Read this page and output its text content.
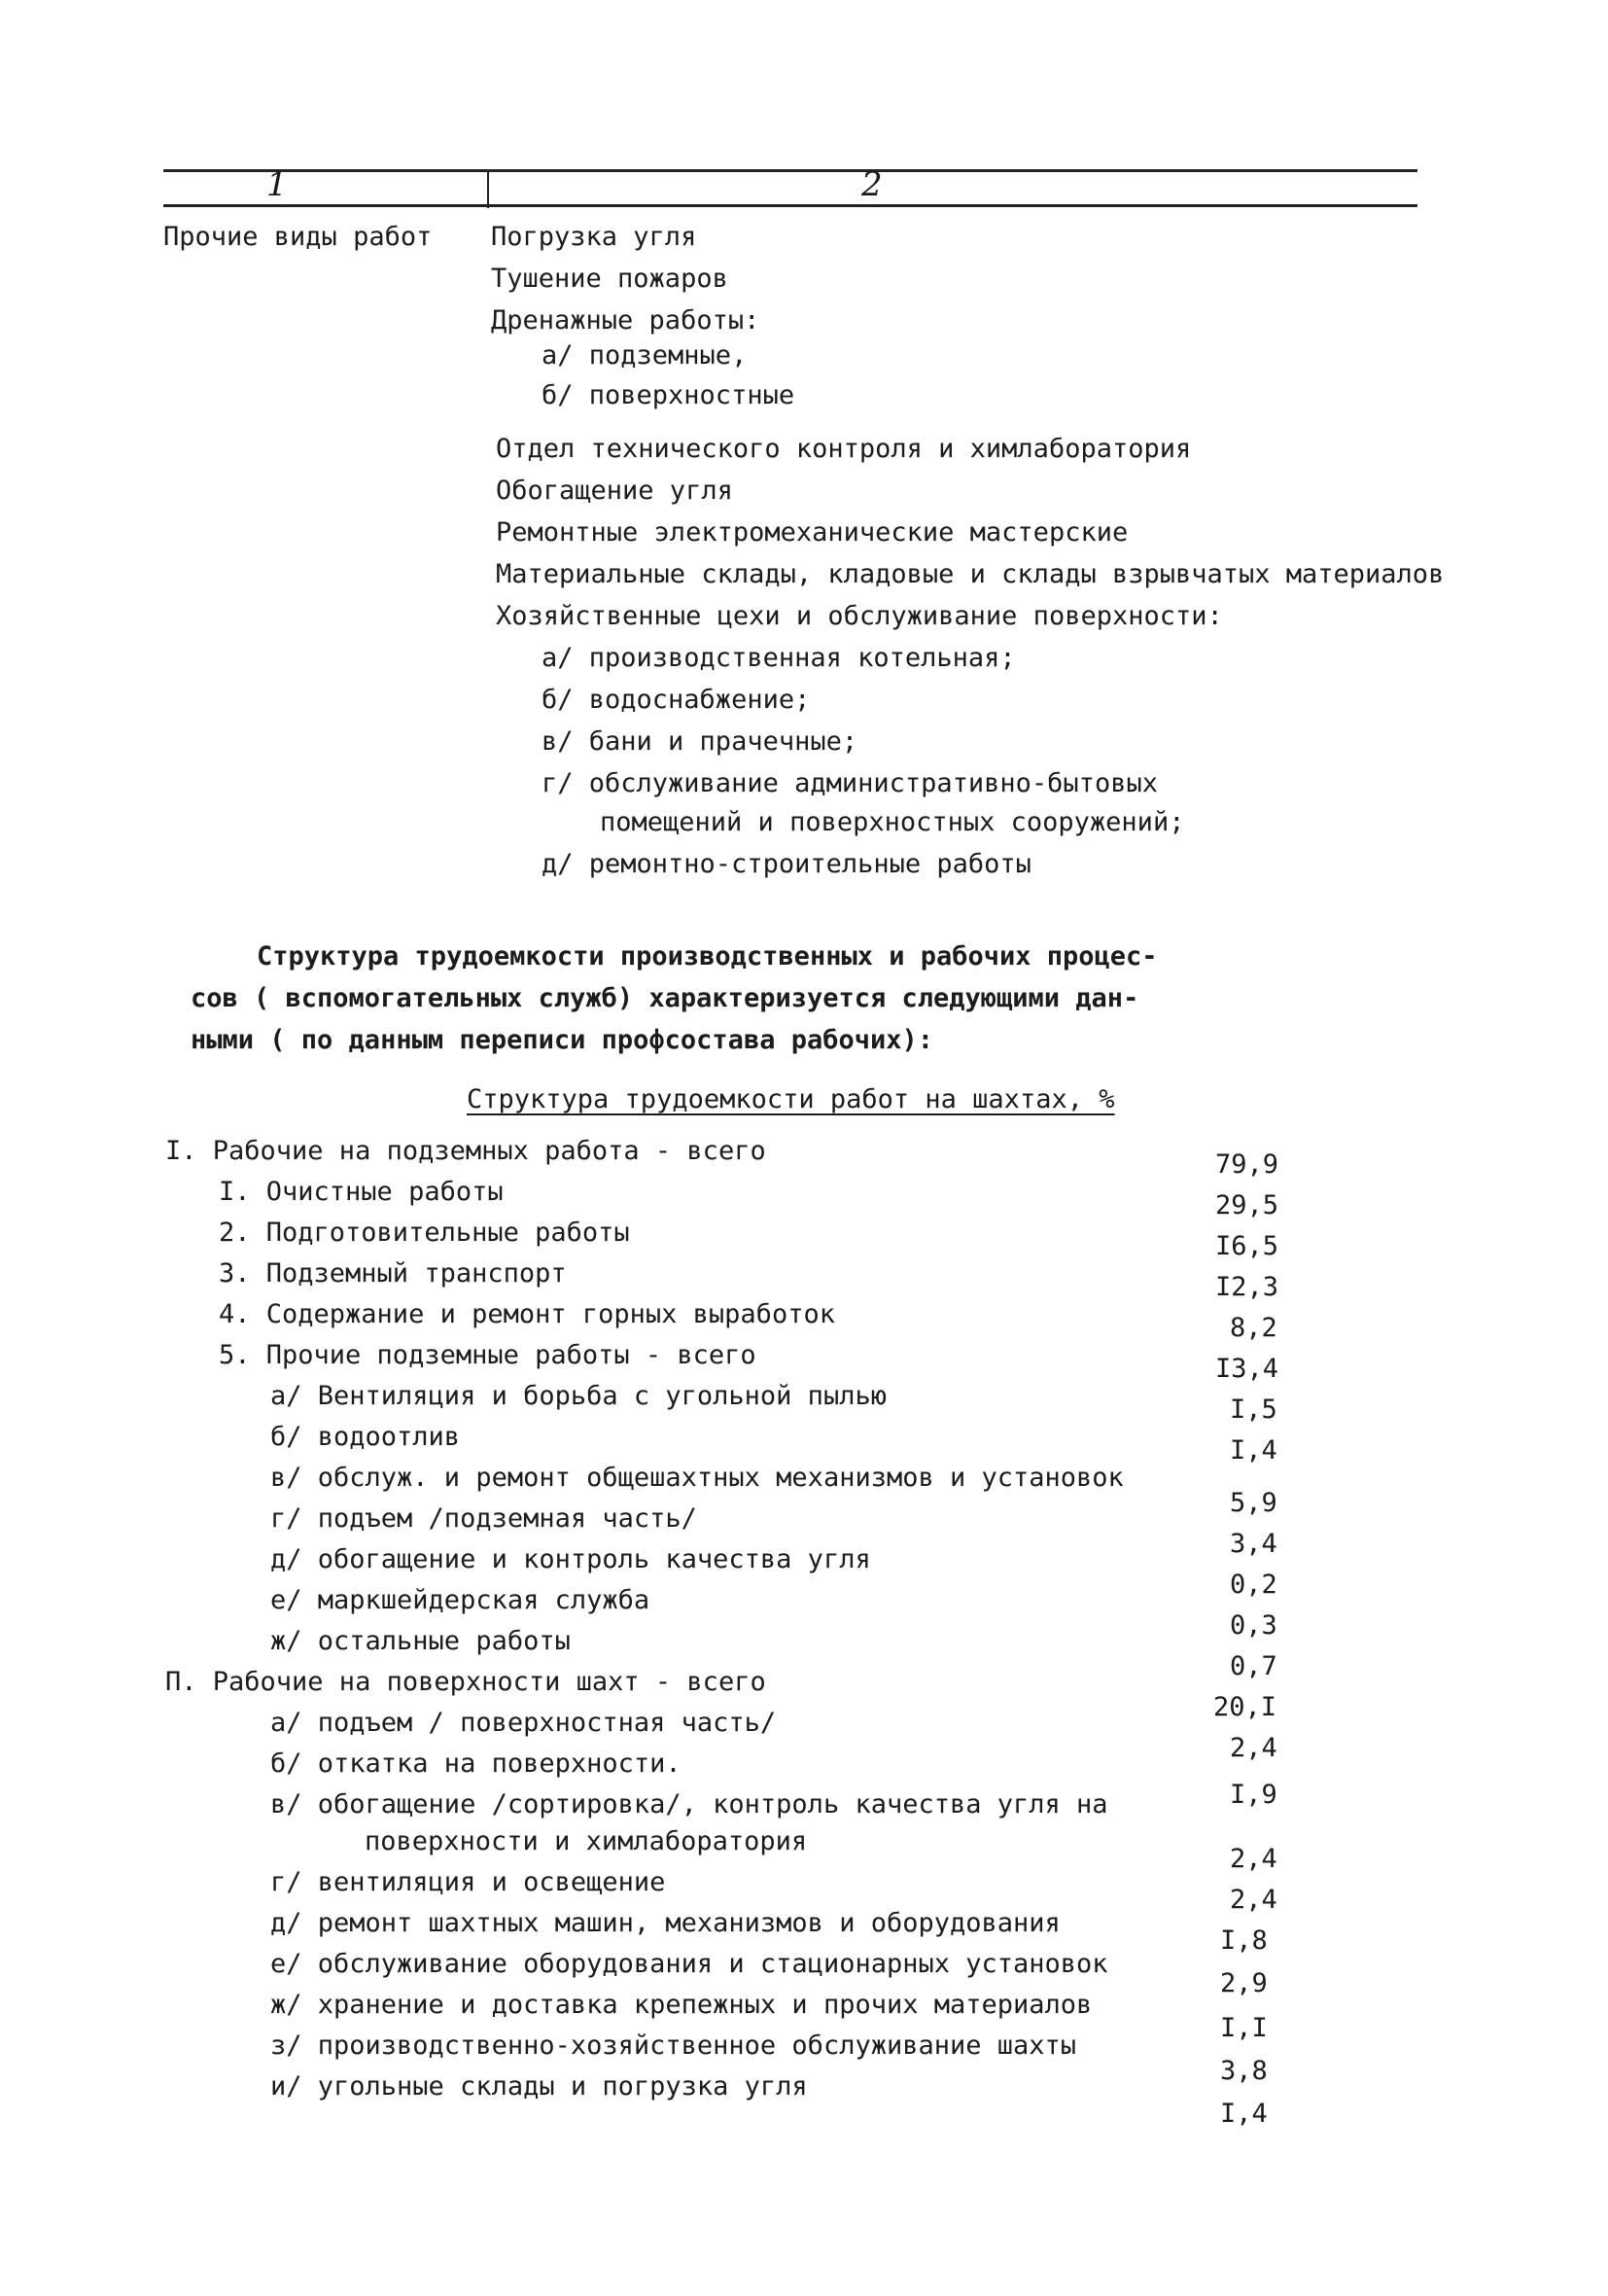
1	2
Прочие виды работ Погрузка угля
Тушение пожаров
Дренажные работы:
а/ подземные,
б/ поверхностные
Отдел технического контроля и химлаборатория
Обогащение угля
Ремонтные электромеханические мастерские
Материальные склады, кладовые и склады взрывчатых материалов
Хозяйственные цехи и обслуживание поверхности:
а/ производственная котельная;
б/ водоснабжение;
в/ бани и прачечные;
г/ обслуживание административно-бытовых
помещений и поверхностных сооружений;
д/ ремонтно-строительные работы
Структура трудоемкости производственных и рабочих процес-
сов ( вспомогательных служб) характеризуется следующими дан-
ными ( по данным переписи профсостава рабочих):
Структура трудоемкости работ на шахтах, %
I. Рабочие на подземных работа - всего
I. Очистные работы
2. Подготовительные работы
3. Подземный транспорт
4. Содержание и ремонт горных выработок
5. Прочие подземные работы - всего
а/ Вентиляция и борьба с угольной пылью
б/ водоотлив
в/ обслуж. и ремонт общешахтных механизмов и установок
г/ подъем /подземная часть/
д/ обогащение и контроль качества угля
е/ маркшейдерская служба
ж/ остальные работы
П. Рабочие на поверхности шахт - всего
а/ подъем / поверхностная часть/
б/ откатка на поверхности.
в/ обогащение /сортировка/, контроль качества угля на
поверхности и химлаборатория
г/ вентиляция и освещение
д/ ремонт шахтных машин, механизмов и оборудования
е/ обслуживание оборудования и стационарных установок
ж/ хранение и доставка крепежных и прочих материалов
з/ производственно-хозяйственное обслуживание шахты
и/ угольные склады и погрузка угля
79,9
29,5
I6,5
I2,3
8,2
I3,4
I,5
I,4
5,9
3,4
0,2
0,3
0,7
20,I
2,4
I,9
2,4
2,4
I,8
2,9
I,I
3,8
I,4
